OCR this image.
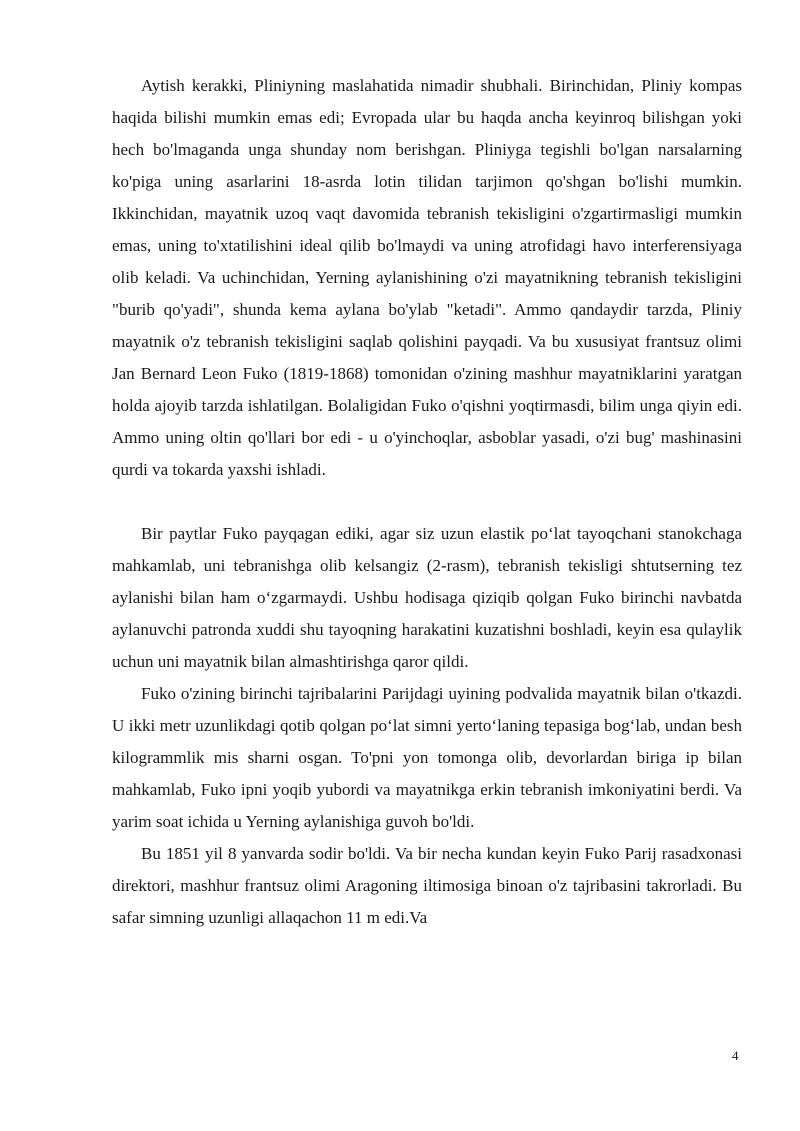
Aytish kerakki, Pliniyning maslahatida nimadir shubhali. Birinchidan, Pliniy kompas haqida bilishi mumkin emas edi; Evropada ular bu haqda ancha keyinroq bilishgan yoki hech bo'lmaganda unga shunday nom berishgan. Pliniyga tegishli bo'lgan narsalarning ko'piga uning asarlarini 18-asrda lotin tilidan tarjimon qo'shgan bo'lishi mumkin. Ikkinchidan, mayatnik uzoq vaqt davomida tebranish tekisligini o'zgartirmasligi mumkin emas, uning to'xtatilishini ideal qilib bo'lmaydi va uning atrofidagi havo interferensiyaga olib keladi. Va uchinchidan, Yerning aylanishining o'zi mayatnikning tebranish tekisligini "burib qo'yadi", shunda kema aylana bo'ylab "ketadi". Ammo qandaydir tarzda, Pliniy mayatnik o'z tebranish tekisligini saqlab qolishini payqadi. Va bu xususiyat frantsuz olimi Jan Bernard Leon Fuko (1819-1868) tomonidan o'zining mashhur mayatniklarini yaratgan holda ajoyib tarzda ishlatilgan. Bolaligidan Fuko o'qishni yoqtirmasdi, bilim unga qiyin edi. Ammo uning oltin qo'llari bor edi - u o'yinchoqlar, asboblar yasadi, o'zi bug' mashinasini qurdi va tokarda yaxshi ishladi.

Bir paytlar Fuko payqagan ediki, agar siz uzun elastik poʻlat tayoqchani stanokchaga mahkamlab, uni tebranishga olib kelsangiz (2-rasm), tebranish tekisligi shtutserning tez aylanishi bilan ham oʻzgarmaydi. Ushbu hodisaga qiziqib qolgan Fuko birinchi navbatda aylanuvchi patronda xuddi shu tayoqning harakatini kuzatishni boshladi, keyin esa qulaylik uchun uni mayatnik bilan almashtirishga qaror qildi.

Fuko o'zining birinchi tajribalarini Parijdagi uyining podvalida mayatnik bilan o'tkazdi. U ikki metr uzunlikdagi qotib qolgan poʻlat simni yertoʻlaning tepasiga bogʻlab, undan besh kilogrammlik mis sharni osgan. To'pni yon tomonga olib, devorlardan biriga ip bilan mahkamlab, Fuko ipni yoqib yubordi va mayatnikga erkin tebranish imkoniyatini berdi. Va yarim soat ichida u Yerning aylanishiga guvoh bo'ldi.

Bu 1851 yil 8 yanvarda sodir bo'ldi. Va bir necha kundan keyin Fuko Parij rasadxonasi direktori, mashhur frantsuz olimi Aragoning iltimosiga binoan o'z tajribasini takrorladi. Bu safar simning uzunligi allaqachon 11 m edi.Va

4
